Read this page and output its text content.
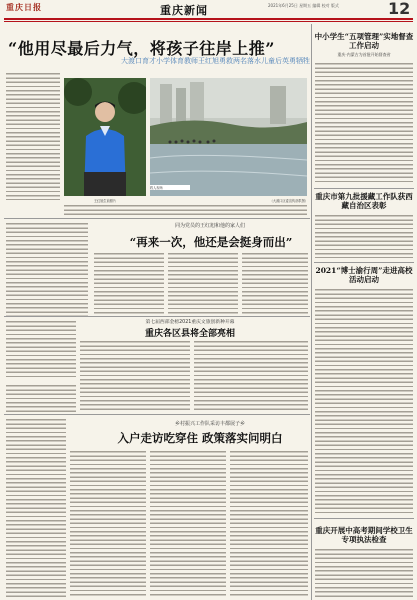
重庆日报	重庆新闻	2021年6月25日 星期五 编辑 校对 版式	12
“他用尽最后力气，将孩子往岸上推”
大渡口育才小学体育教师王红旭勇救两名落水儿童后英勇牺牲
王红旭生前照片
救人现场
（大渡口区委宣传部供图）
中小学生“五项管理”实地督查工作启动
重庆·内蒙古为首批开始督查省
重庆市第九批援藏工作队获西藏自治区表彰
2021“博士渝行周”走进高校活动启动
重庆开展中高考期间学校卫生专项执法检查
同为党员的王红旭和他的家人们
“再来一次，他还是会挺身而出”
第七届西部金榜2021重庆文旅创新种开幕
重庆各区县将全部亮相
乡村振兴工作队采访丰都展子乡
入户走访吃穿住 政策落实问明白
